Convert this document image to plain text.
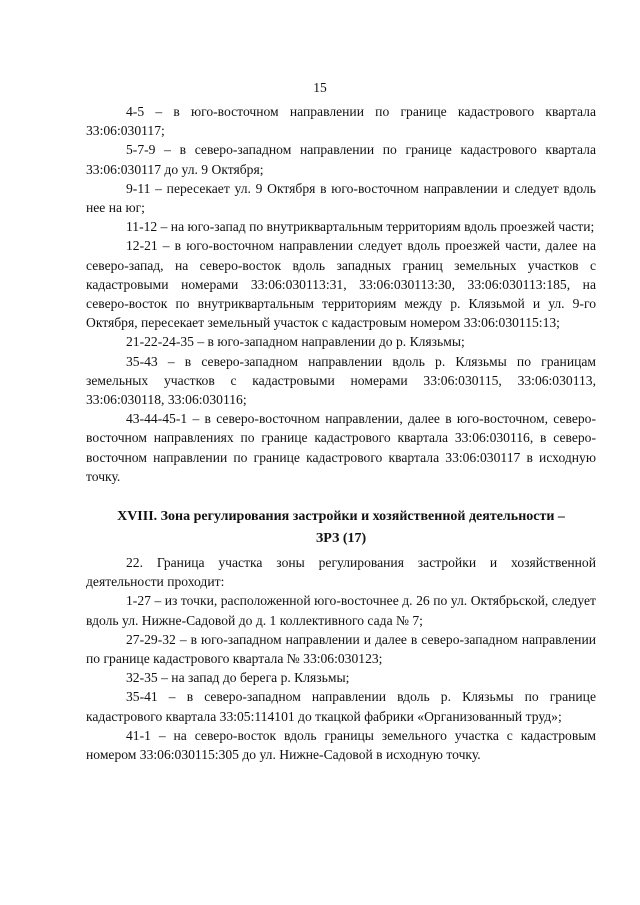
15

4-5 – в юго-восточном направлении по границе кадастрового квартала 33:06:030117;

5-7-9 – в северо-западном направлении по границе кадастрового квартала 33:06:030117 до ул. 9 Октября;

9-11 – пересекает ул. 9 Октября в юго-восточном направлении и следует вдоль нее на юг;

11-12 – на юго-запад по внутриквартальным территориям вдоль проезжей части;

12-21 – в юго-восточном направлении следует вдоль проезжей части, далее на северо-запад, на северо-восток вдоль западных границ земельных участков с кадастровыми номерами 33:06:030113:31, 33:06:030113:30, 33:06:030113:185, на северо-восток по внутриквартальным территориям между р. Клязьмой и ул. 9-го Октября, пересекает земельный участок с кадастровым номером 33:06:030115:13;

21-22-24-35 – в юго-западном направлении до р. Клязьмы;

35-43 – в северо-западном направлении вдоль р. Клязьмы по границам земельных участков с кадастровыми номерами 33:06:030115, 33:06:030113, 33:06:030118, 33:06:030116;

43-44-45-1 – в северо-восточном направлении, далее в юго-восточном, северо-восточном направлениях по границе кадастрового квартала 33:06:030116, в северо-восточном направлении по границе кадастрового квартала 33:06:030117 в исходную точку.

XVIII. Зона регулирования застройки и хозяйственной деятельности –
ЗРЗ (17)

22. Граница участка зоны регулирования застройки и хозяйственной деятельности проходит:

1-27 – из точки, расположенной юго-восточнее д. 26 по ул. Октябрьской, следует вдоль ул. Нижне-Садовой до д. 1 коллективного сада № 7;

27-29-32 – в юго-западном направлении и далее в северо-западном направлении по границе кадастрового квартала № 33:06:030123;

32-35 – на запад до берега р. Клязьмы;

35-41 – в северо-западном направлении вдоль р. Клязьмы по границе кадастрового квартала 33:05:114101 до ткацкой фабрики «Организованный труд»;

41-1 – на северо-восток вдоль границы земельного участка с кадастровым номером 33:06:030115:305 до ул. Нижне-Садовой в исходную точку.
